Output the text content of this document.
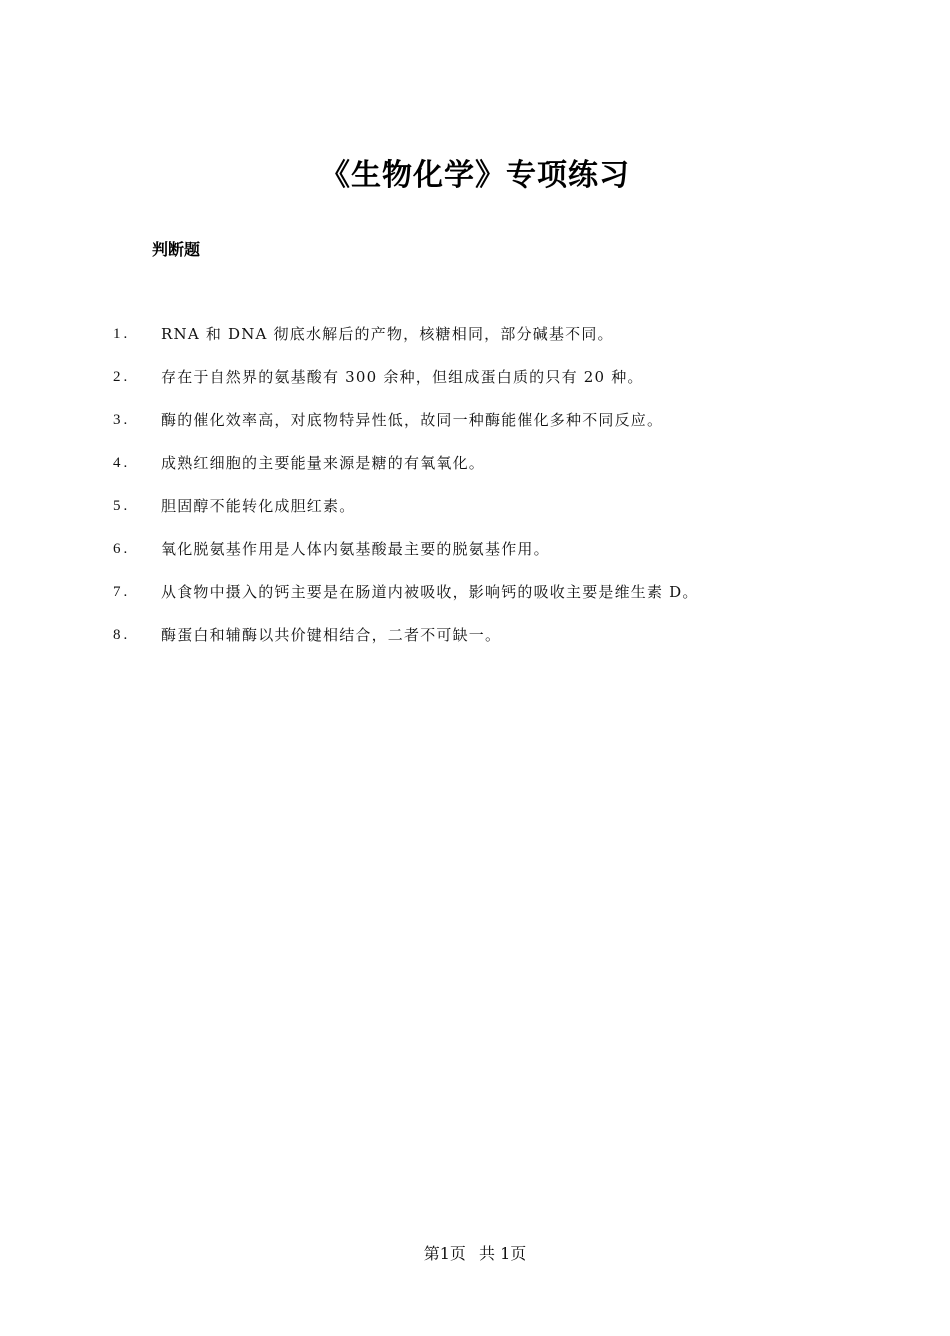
《生物化学》专项练习
判断题
1.	RNA 和 DNA 彻底水解后的产物，核糖相同，部分碱基不同。
2.	存在于自然界的氨基酸有 300 余种，但组成蛋白质的只有 20 种。
3.	酶的催化效率高，对底物特异性低，故同一种酶能催化多种不同反应。
4.	成熟红细胞的主要能量来源是糖的有氧氧化。
5.	胆固醇不能转化成胆红素。
6.	氧化脱氨基作用是人体内氨基酸最主要的脱氨基作用。
7.	从食物中摄入的钙主要是在肠道内被吸收，影响钙的吸收主要是维生素 D。
8.	酶蛋白和辅酶以共价键相结合，二者不可缺一。
第1页 共 1页
